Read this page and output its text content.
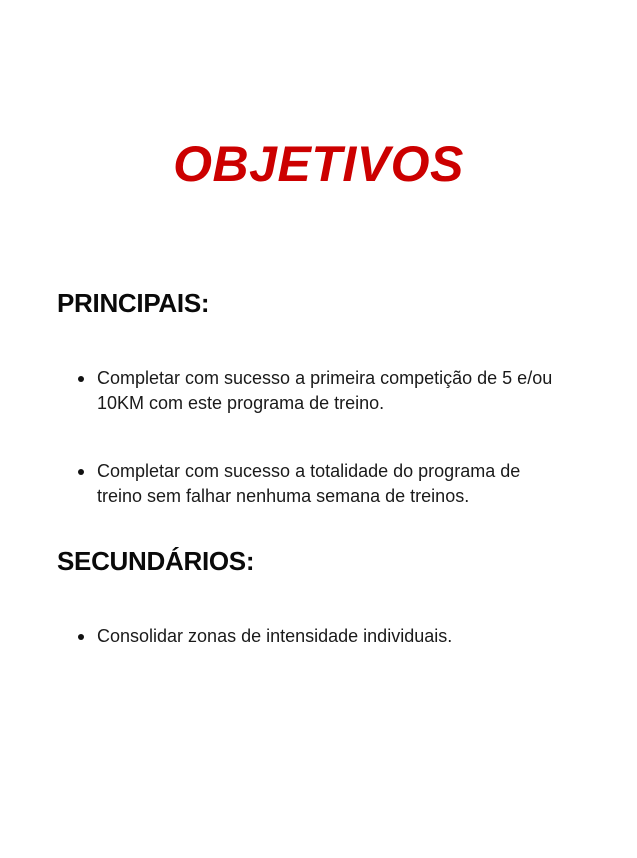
OBJETIVOS
PRINCIPAIS:
Completar com sucesso a primeira competição de 5 e/ou 10KM com este programa de treino.
Completar com sucesso a totalidade do programa de treino sem falhar nenhuma semana de treinos.
SECUNDÁRIOS:
Consolidar zonas de intensidade individuais.
